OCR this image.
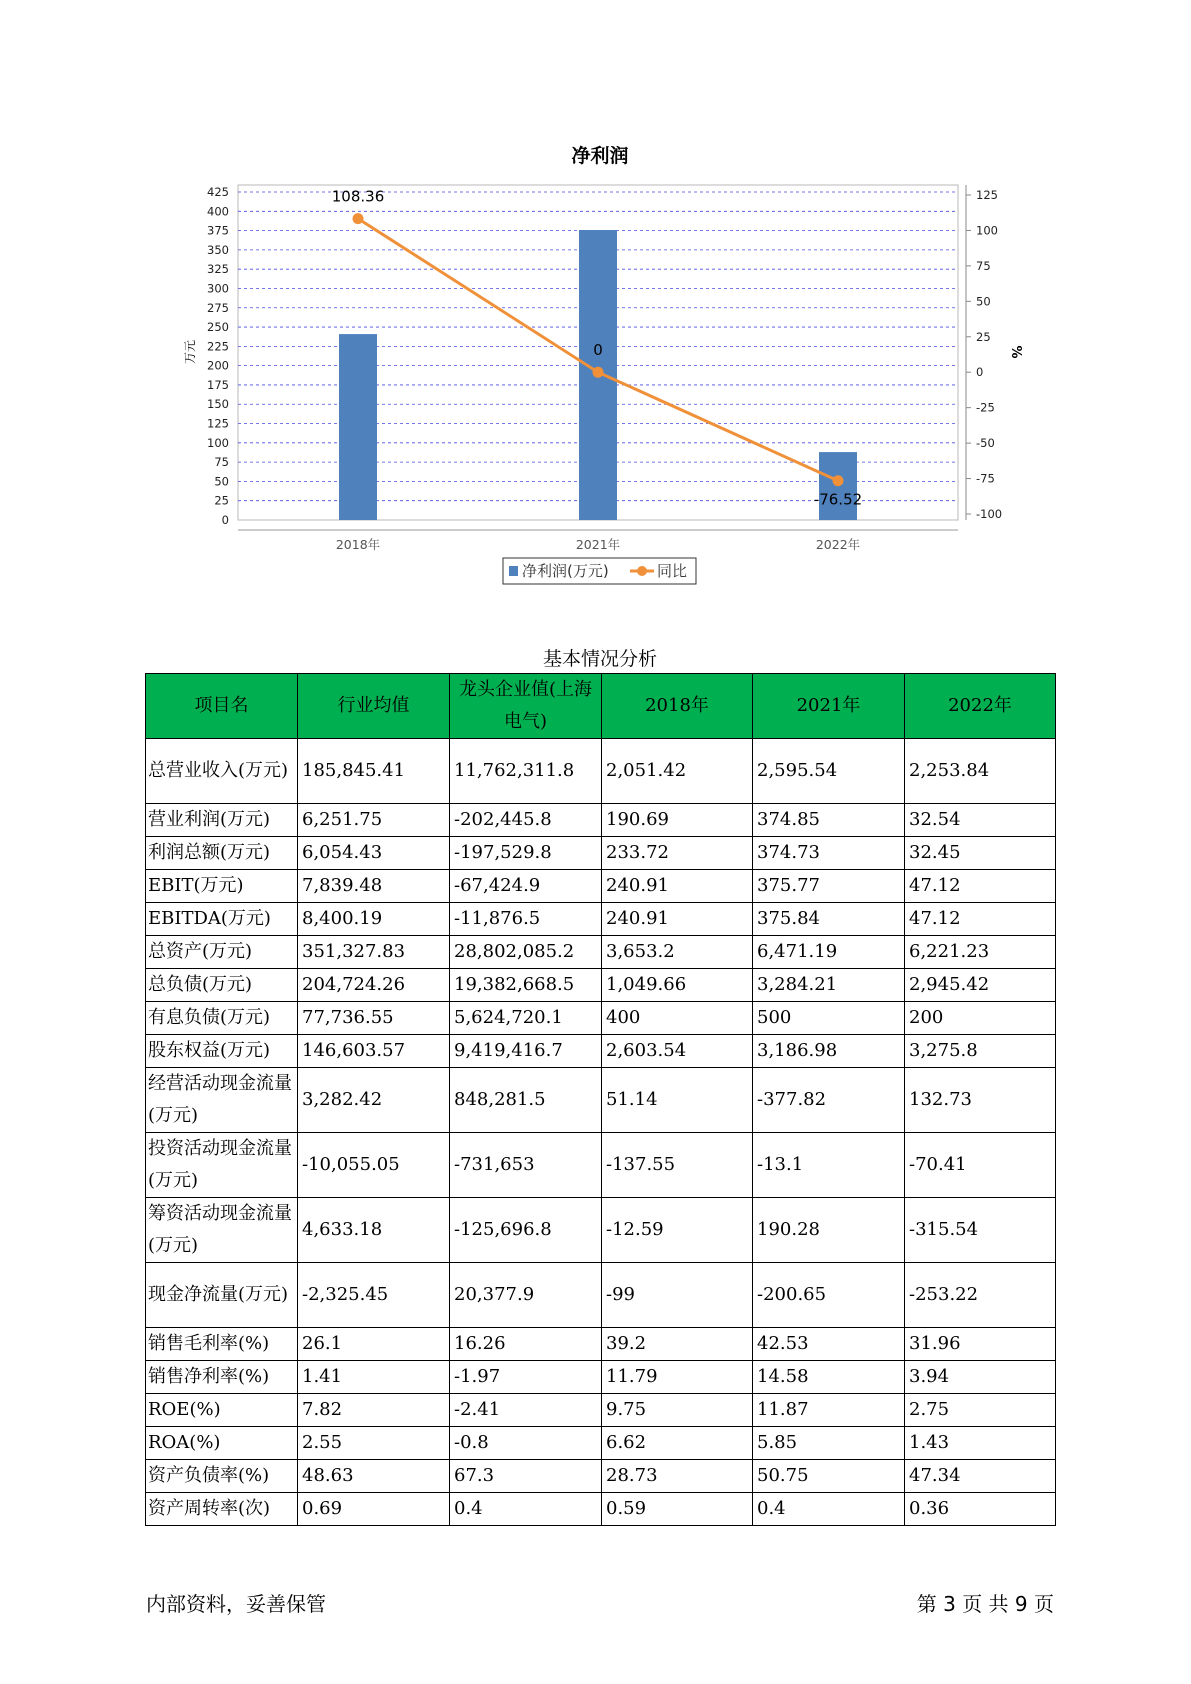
净利润
0
25
50
75
100
125
150
175
200
225
250
275
300
325
350
375
400
425
-100
-75
-50
-25
0
25
50
75
100
125
万元	%
2018年	2021年	2022年
108.36
0
-76.52
净利润(万元)	同比
基本情况分析
项目名	行业均值	龙头企业值(上海电气)	2018年	2021年	2022年
总营业收入(万元)	185,845.41	11,762,311.8	2,051.42	2,595.54	2,253.84
营业利润(万元)	6,251.75	-202,445.8	190.69	374.85	32.54
利润总额(万元)	6,054.43	-197,529.8	233.72	374.73	32.45
EBIT(万元)	7,839.48	-67,424.9	240.91	375.77	47.12
EBITDA(万元)	8,400.19	-11,876.5	240.91	375.84	47.12
总资产(万元)	351,327.83	28,802,085.2	3,653.2	6,471.19	6,221.23
总负债(万元)	204,724.26	19,382,668.5	1,049.66	3,284.21	2,945.42
有息负债(万元)	77,736.55	5,624,720.1	400	500	200
股东权益(万元)	146,603.57	9,419,416.7	2,603.54	3,186.98	3,275.8
经营活动现金流量(万元)	3,282.42	848,281.5	51.14	-377.82	132.73
投资活动现金流量(万元)	-10,055.05	-731,653	-137.55	-13.1	-70.41
筹资活动现金流量(万元)	4,633.18	-125,696.8	-12.59	190.28	-315.54
现金净流量(万元)	-2,325.45	20,377.9	-99	-200.65	-253.22
销售毛利率(%)	26.1	16.26	39.2	42.53	31.96
销售净利率(%)	1.41	-1.97	11.79	14.58	3.94
ROE(%)	7.82	-2.41	9.75	11.87	2.75
ROA(%)	2.55	-0.8	6.62	5.85	1.43
资产负债率(%)	48.63	67.3	28.73	50.75	47.34
资产周转率(次)	0.69	0.4	0.59	0.4	0.36
内部资料，妥善保管	第 3 页 共 9 页
